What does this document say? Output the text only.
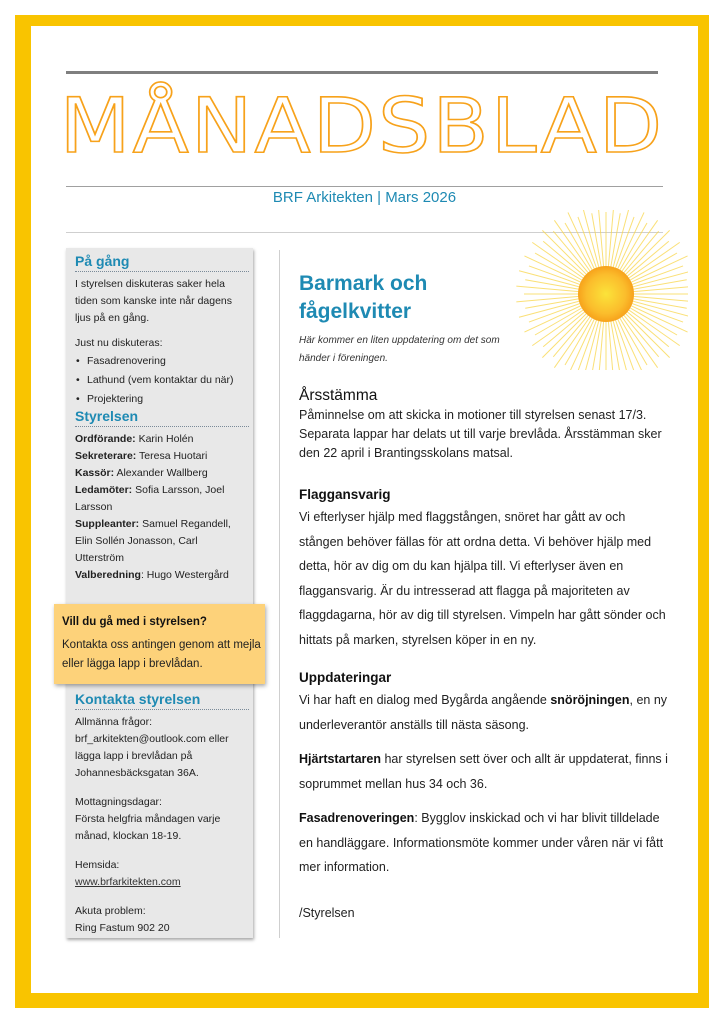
MÅNADSBLAD
BRF Arkitekten | Mars 2026
På gång

I styrelsen diskuteras saker hela tiden som kanske inte når dagens ljus på en gång.

Just nu diskuteras:
• Fasadrenovering
• Lathund (vem kontaktar du när)
• Projektering
Styrelsen
Ordförande: Karin Holén
Sekreterare: Teresa Huotari
Kassör: Alexander Wallberg
Ledamöter: Sofia Larsson, Joel Larsson
Suppleanter: Samuel Regandell, Elin Sollén Jonasson, Carl Utterström
Valberedning: Hugo Westergård
Kontakta styrelsen
Allmänna frågor:
brf_arkitekten@outlook.com eller lägga lapp i brevlådan på Johannesbäcksgatan 36A.
Mottagningsdagar:
Första helgfria måndagen varje månad, klockan 18-19.
Hemsida:
www.brfarkitekten.com
Akuta problem:
Ring Fastum 902 20
Vill du gå med i styrelsen?
Kontakta oss antingen genom att mejla eller lägga lapp i brevlådan.
Barmark och fågelkvitter

Här kommer en liten uppdatering om det som händer i föreningen.

Årsstämma

Påminnelse om att skicka in motioner till styrelsen senast 17/3. Separata lappar har delats ut till varje brevlåda. Årsstämman sker den 22 april i Brantingsskolans matsal.

Flaggansvarig

Vi efterlyser hjälp med flaggstången, snöret har gått av och stången behöver fällas för att ordna detta. Vi behöver hjälp med detta, hör av dig om du kan hjälpa till. Vi efterlyser även en flaggansvarig. Är du intresserad att flagga på majoriteten av flaggdagarna, hör av dig till styrelsen. Vimpeln har gått sönder och hittats på marken, styrelsen köper in en ny.

Uppdateringar

Vi har haft en dialog med Bygårda angående snöröjningen, en ny underleverantör anställs till nästa säsong.

Hjärtstartaren har styrelsen sett över och allt är uppdaterat, finns i soprummet mellan hus 34 och 36.

Fasadrenoveringen: Bygglov inskickad och vi har blivit tilldelade en handläggare. Informationsmöte kommer under våren när vi fått mer information.

/Styrelsen
